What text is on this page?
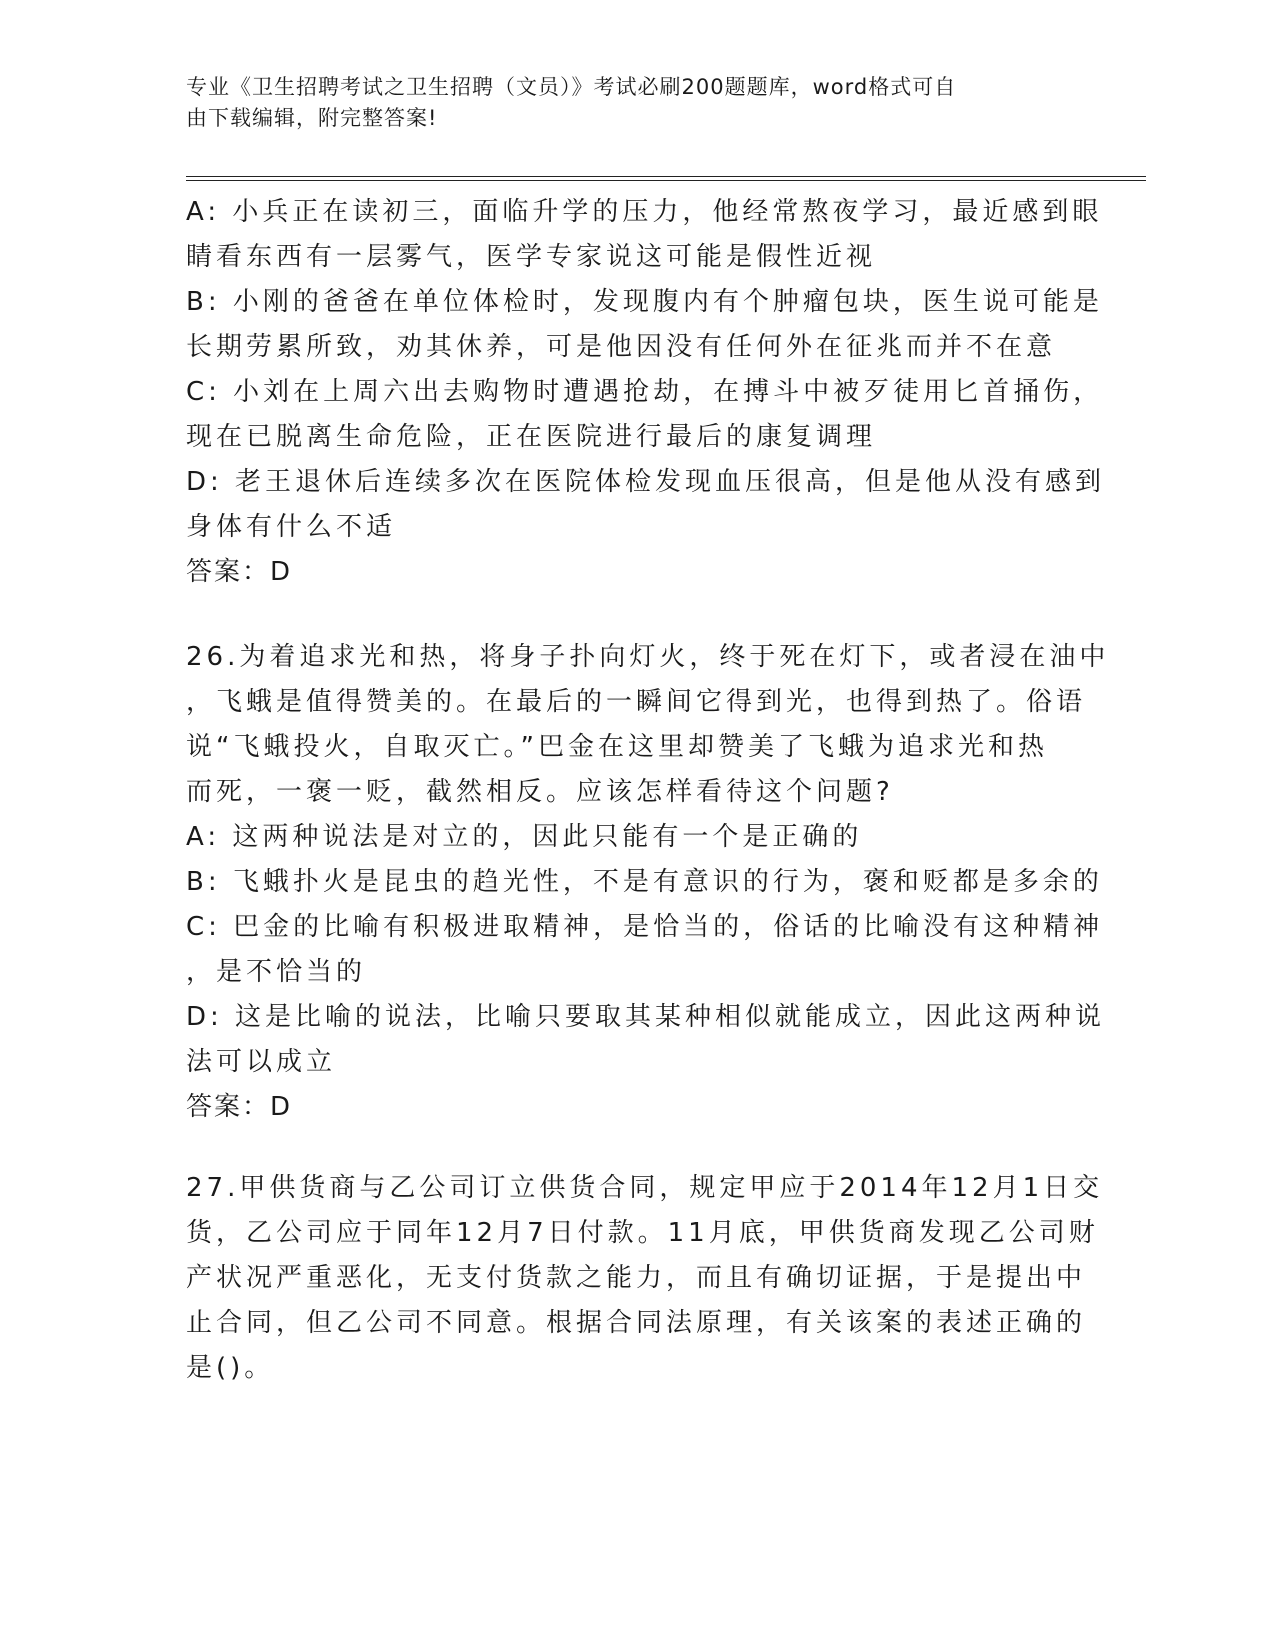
专业《卫生招聘考试之卫生招聘（文员）》考试必刷200题题库，word格式可自
由下载编辑，附完整答案!
A: 小兵正在读初三，面临升学的压力，他经常熬夜学习，最近感到眼
睛看东西有一层雾气，医学专家说这可能是假性近视
B: 小刚的爸爸在单位体检时，发现腹内有个肿瘤包块，医生说可能是
长期劳累所致，劝其休养，可是他因没有任何外在征兆而并不在意
C: 小刘在上周六出去购物时遭遇抢劫，在搏斗中被歹徒用匕首捅伤，
现在已脱离生命危险，正在医院进行最后的康复调理
D: 老王退休后连续多次在医院体检发现血压很高，但是他从没有感到
身体有什么不适
答案：D
26.为着追求光和热，将身子扑向灯火，终于死在灯下，或者浸在油中
，飞蛾是值得赞美的。在最后的一瞬间它得到光，也得到热了。俗语
说“飞蛾投火，自取灭亡。”巴金在这里却赞美了飞蛾为追求光和热
而死，一褒一贬，截然相反。应该怎样看待这个问题?
A: 这两种说法是对立的，因此只能有一个是正确的
B: 飞蛾扑火是昆虫的趋光性，不是有意识的行为，褒和贬都是多余的
C: 巴金的比喻有积极进取精神，是恰当的，俗话的比喻没有这种精神
，是不恰当的
D: 这是比喻的说法，比喻只要取其某种相似就能成立，因此这两种说
法可以成立
答案：D
27.甲供货商与乙公司订立供货合同，规定甲应于2014年12月1日交
货，乙公司应于同年12月7日付款。11月底，甲供货商发现乙公司财
产状况严重恶化，无支付货款之能力，而且有确切证据，于是提出中
止合同，但乙公司不同意。根据合同法原理，有关该案的表述正确的
是()。
